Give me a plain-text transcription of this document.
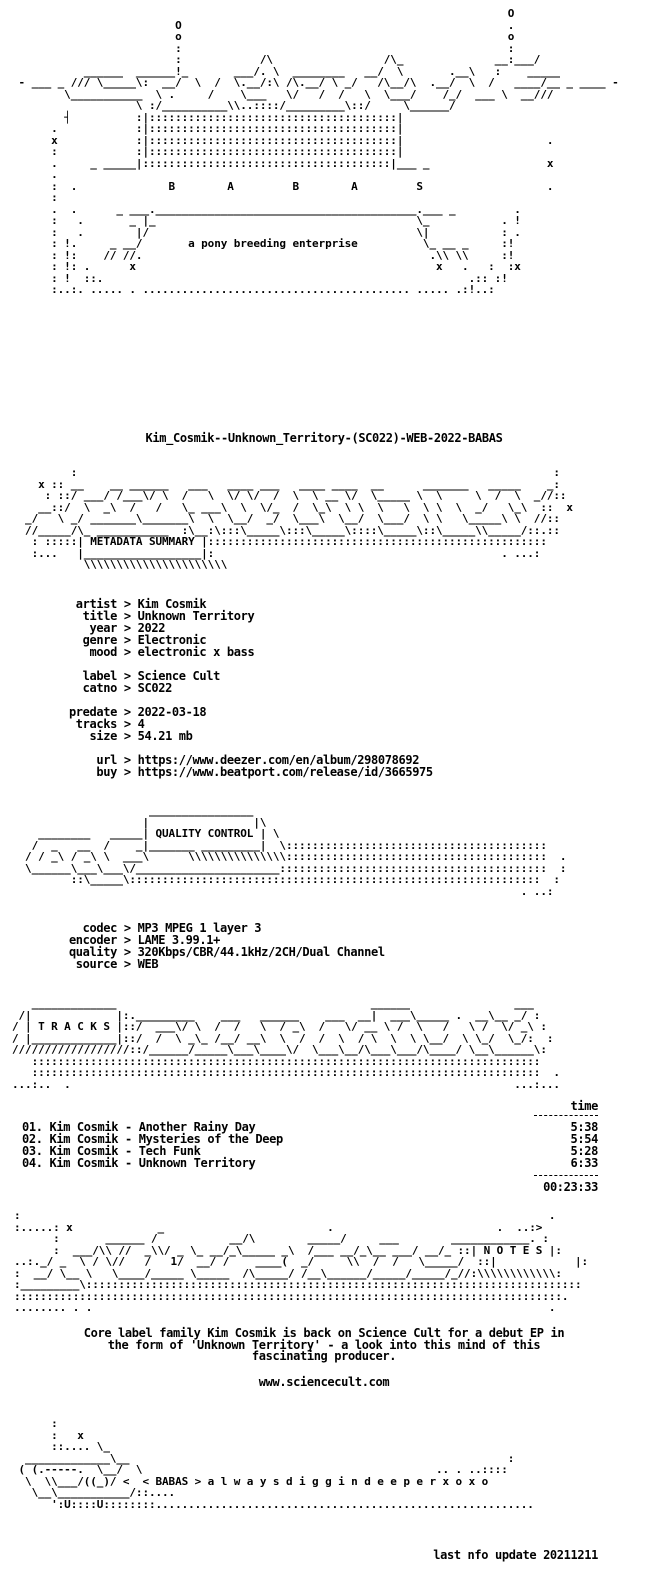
O
O                                                  .
o                                                  o
:                                                  :
:            /\                 /\_              __:___/
______  ______!_       ___/. \  ________   __/  \       .__\   :    _____
- ___ _ /// \_____\:  __/  \  /  \.__/:\ /\.__/ \ _/   /\__/\  .__/  \  /   ____/__ _ ____ -
\___________  \ .     /    \___   \/   /  /   \  \___/    /_/  ___ \  __///
\ :/__________\\..::::/_________\::/     \______/
┤          :|::::::::::::::::::::::::::::::::::::::|
.            :|::::::::::::::::::::::::::::::::::::::|
x            :|::::::::::::::::::::::::::::::::::::::|                      .
:            :|::::::::::::::::::::::::::::::::::::::|
.     _ _____|::::::::::::::::::::::::::::::::::::::|___ _                  x
.
:  .              B        A         B        A         S                   .
:
.  .      _ ___.________________________________________.___ _         .
:   .       _ |_                                        \_           . !
:   .        |/                                         \|           : .
: !.     _ __/       a pony breeding enterprise          \_ __ _     :!
: !:    // //.                                            .\\ \\     :!
: !: .      x                                              x   .   :  :x
: !  ::.                                                        .:: :!
:..:. ..... . ......................................... ..... .:!..:
Kim_Cosmik--Unknown_Territory-(SC022)-WEB-2022-BABAS
:                                                                         :
x :: __    __ ______   ___   ____ ___   ____ ____  __      _______   _____    _:
: ::/ ___/ /___\/ \  /   \  \/ \/  /  \  \ __ \/  \_____ \  \     \  /  \  _//::
__::/  \  _\  /   /   \_ ___\  \  \/_  /  \_\  \ \  \   \  \ \  \  _/   \_\  ::  x
_/   \ _/ _______\_______\  \  \__/  _/  \___\  \__/  \___/  \ \   \_____\ \  //::
//_____/\_ ___________  :\__:\:::\_____\:::\_____\::::\_____\::\_____\\_____/::.::
: :::::| METADATA SUMMARY |::::::::::::::::::::::::::::::::::::::::::::::::::::
:...   |__________________|:                                            . ...:
\\\\\\\\\\\\\\\\\\\\\\
artist > Kim Cosmik
title > Unknown Territory
year > 2022
genre > Electronic
mood > electronic x bass

label > Science Cult
catno > SC022

predate > 2022-03-18
tracks > 4
size > 54.21 mb

url > https://www.deezer.com/en/album/298078692
buy > https://www.beatport.com/release/id/3665975
________________
|                |\
________   _____| QUALITY CONTROL | \
/  _   __  /    _|_______ _________|  \::::::::::::::::::::::::::::::::::::::::
/ / _\ / _\ \  ___\      \\\\\\\\\\\\\\\::::::::::::::::::::::::::::::::::::::::  .
\______\___\___\/______________________:::::::::::::::::::::::::::::::::::::::::  :
::\_____\:::::::::::::::::::::::::::::::::::::::::::::::::::::::::::::::  :
. ..:
codec > MP3 MPEG 1 layer 3
encoder > LAME 3.99.1+
quality > 320Kbps/CBR/44.1kHz/2CH/Dual Channel
source > WEB
_____________                                       ______                ___
/|             |:._________    ___   ______    ___  __|  ___\_____ .  __\__ _/ :
/ | T R A C K S |::/  ___\/ \  /  /   \  / _\  /   \/ __ \ /  \   /   \ /  \/ _\ :
/ |_____________|::/  /  \ _\_ /__/ __\  \  /  /  \  / \  \  \ \__/  \ \_/  \_/:  :
//////////////////::/______/_____\___\____\/  \___\__/\___\___/\____/ \__\______\:
::::::::::::::::::::::::::::::::::::::::::::::::::::::::::::::::::::::::::::::
::::::::::::::::::::::::::::::::::::::::::::::::::::::::::::::::::::::::::::::  .
...:..  .                                                                    ...:...
time
01. Kim Cosmik - Another Rainy Day	5:38
02. Kim Cosmik - Mysteries of the Deep	5:54
03. Kim Cosmik - Tech Funk	5:28
04. Kim Cosmik - Unknown Territory	6:33
00:23:33
:                                                                                 .
:.....: x             _                         .                         .  ..:>
:       ______ /           __/\        _____/     ___        ____________. :
:  ___/\\ //  _\\/ _ \_ __/_\_____ _\  /___ __/_\__ ___/ __/_ ::| N O T E S |:
..:._/ _  \ / \//   /   1/  __/ /    ____(  _/     \\  /  /   \_____/  ::|            |:
:  __/ \__ \   \____/_____ \_____  /\_____/ /__\______/_____/_____/_//:\\\\\\\\\\\\:
:_________\::::::::::::::::::::::::::::::::::::::::::::::::::::::::::::::::::::::::::::
::::::::::::::::::::::::::::::::::::::::::::::::::::::::::::::::::::::::::::::::::::.
........ . .                                                                      .
Core label family Kim Cosmik is back on Science Cult for a debut EP in
the form of 'Unknown Territory' - a look into this mind of this
fascinating producer.
www.sciencecult.com
:
:   x
::.... \_
_____________\__                                                          :
( (.-----.  \__/  \                                             .. . ..::::
\  \\___/((_)/ <  < BABAS > a l w a y s d i g g i n d e e p e r x o x o
\__\___________/::....
':U::::U::::::::..........................................................
last nfo update 20211211
